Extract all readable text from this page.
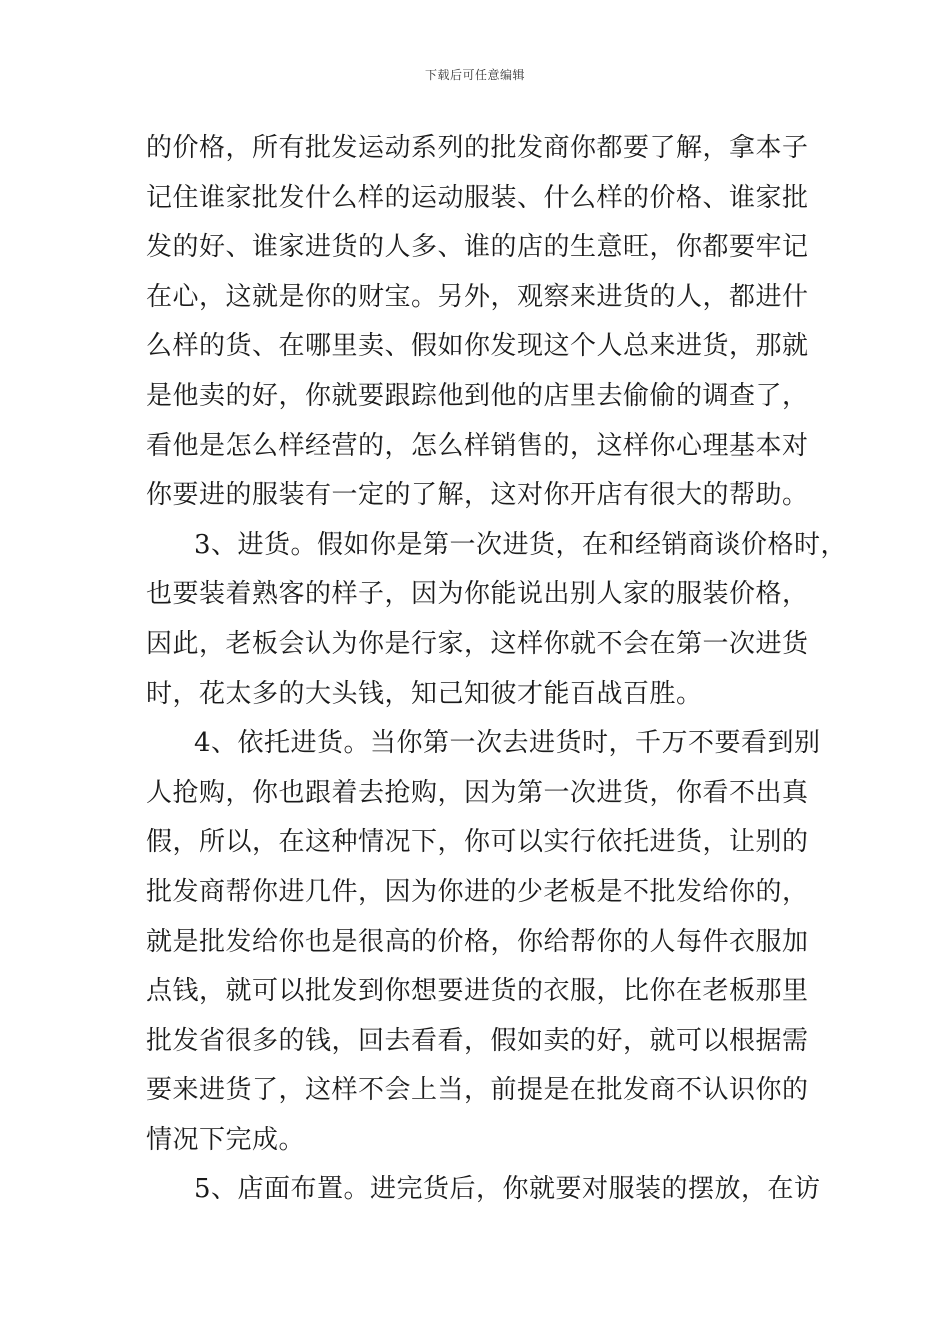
下载后可任意编辑
的价格，所有批发运动系列的批发商你都要了解，拿本子
记住谁家批发什么样的运动服装、什么样的价格、谁家批
发的好、谁家进货的人多、谁的店的生意旺，你都要牢记
在心，这就是你的财宝。另外，观察来进货的人，都进什
么样的货、在哪里卖、假如你发现这个人总来进货，那就
是他卖的好，你就要跟踪他到他的店里去偷偷的调查了，
看他是怎么样经营的，怎么样销售的，这样你心理基本对
你要进的服装有一定的了解，这对你开店有很大的帮助。
3、进货。假如你是第一次进货，在和经销商谈价格时，
也要装着熟客的样子，因为你能说出别人家的服装价格，
因此，老板会认为你是行家，这样你就不会在第一次进货
时，花太多的大头钱，知己知彼才能百战百胜。
4、依托进货。当你第一次去进货时，千万不要看到别
人抢购，你也跟着去抢购，因为第一次进货，你看不出真
假，所以，在这种情况下，你可以实行依托进货，让别的
批发商帮你进几件，因为你进的少老板是不批发给你的，
就是批发给你也是很高的价格，你给帮你的人每件衣服加
点钱，就可以批发到你想要进货的衣服，比你在老板那里
批发省很多的钱，回去看看，假如卖的好，就可以根据需
要来进货了，这样不会上当，前提是在批发商不认识你的
情况下完成。
5、店面布置。进完货后，你就要对服装的摆放，在访
